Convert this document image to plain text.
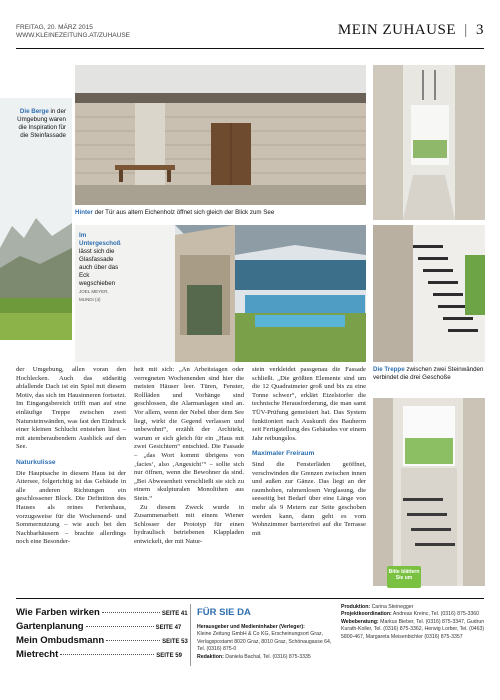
FREITAG, 20. MÄRZ 2015
WWW.KLEINEZEITUNG.AT/ZUHAUSE	MEIN ZUHAUSE | 3
Die Berge in der Umgebung waren die Inspiration für die Steinfassade
Hinter der Tür aus altem Eichenholz öffnet sich gleich der Blick zum See
Im Untergeschoß lässt sich die Glasfassade auch über das Eck wegschieben
JOEL MEYER, MUNDI (4)
Die Treppe zwischen zwei Steinwänden verbindet die drei Geschoße
Bitte blättern Sie um

der Umgebung, allen voran den Hochlecken. Auch das südseitig abfallende Dach ist ein Spiel mit diesem Motiv, das sich im Hausinneren fortsetzt. Im Eingangsbereich trifft man auf eine einläufige Treppe zwischen zwei Natursteinwänden, was fast den Eindruck einer kleinen Schlucht entstehen lässt – mit atemberaubendem Ausblick auf den See.

Naturkulisse

Die Hauptsache in diesem Haus ist der Attersee, folgerichtig ist das Gebäude in alle anderen Richtungen ein geschlossener Block. Die Definition des Hauses als reines Ferienhaus, vorzugsweise für die Wochenend- und Sommernutzung – wie auch bei den Nachbarhäusern – brachte allerdings noch eine Besonder-

heit mit sich: „An Arbeitstagen oder verregneten Wochenenden sind hier die meisten Häuser leer. Türen, Fenster, Rollläden und Vorhänge sind geschlossen, die Alarmanlagen sind an. Vor allem, wenn der Nebel über dem See liegt, wirkt die Gegend verlassen und unbewohnt“, erzählt der Architekt, warum er sich gleich für ein „Haus mit zwei Gesichtern“ entschied. Die Fassade – „das Wort kommt übrigens von ‚facies‘, also ‚Angesicht‘“ – sollte sich nur öffnen, wenn die Bewohner da sind. „Bei Abwesenheit verschließt sie sich zu einem skulpturalen Monolithen aus Stein.“

Zu diesem Zweck wurde in Zusammenarbeit mit einem Wiener Schlosser der Prototyp für einen hydraulisch betriebenen Klappladen entwickelt, der mit Natur-

stein verkleidet passgenau die Fassade schließt. „Die größten Elemente sind um die 12 Quadratmeter groß und bis zu eine Tonne schwer“, erklärt Etzelstorfer die technische Herausforderung, die man samt TÜV-Prüfung gemeistert hat. Das System funktioniert nach Auskunft des Bauherrn seit Fertigstellung des Gebäudes vor einem Jahr reibungslos.

Maximaler Freiraum

Sind die Fensterläden geöffnet, verschwinden die Grenzen zwischen innen und außen zur Gänze. Das liegt an der raumhohen, rahmenlosen Verglasung, die seeseitig bei Bedarf über eine Länge von mehr als 9 Metern zur Seite geschoben werden kann, dann geht es vom Wohnzimmer barrierefrei auf die Terrasse mit

Wie Farben wirken	SEITE 41
Gartenplanung	SEITE 47
Mein Ombudsmann	SEITE 53
Mietrecht	SEITE 59
FÜR SIE DA
Herausgeber und Medieninhaber (Verleger):
Kleine Zeitung GmbH & Co KG, Erscheinungsort Graz, Verlagspostamt 8020 Graz, 8010 Graz, Schönaugasse 64, Tel. (0316) 875-0
Redaktion: Daniela Bachal, Tel. (0316) 875-3335
Produktion: Carina Steinegger
Projektkoordination: Andreas Kreinc, Tel. (0316) 875-3360
Webeberatung: Markus Bieber, Tel. (0316) 875-3347, Gudrun Kurath-Koller, Tel. (0316) 875-3362, Herwig Lorber, Tel. (0463) 5800-467, Margareta Meisenbichler (0316) 875-3357
